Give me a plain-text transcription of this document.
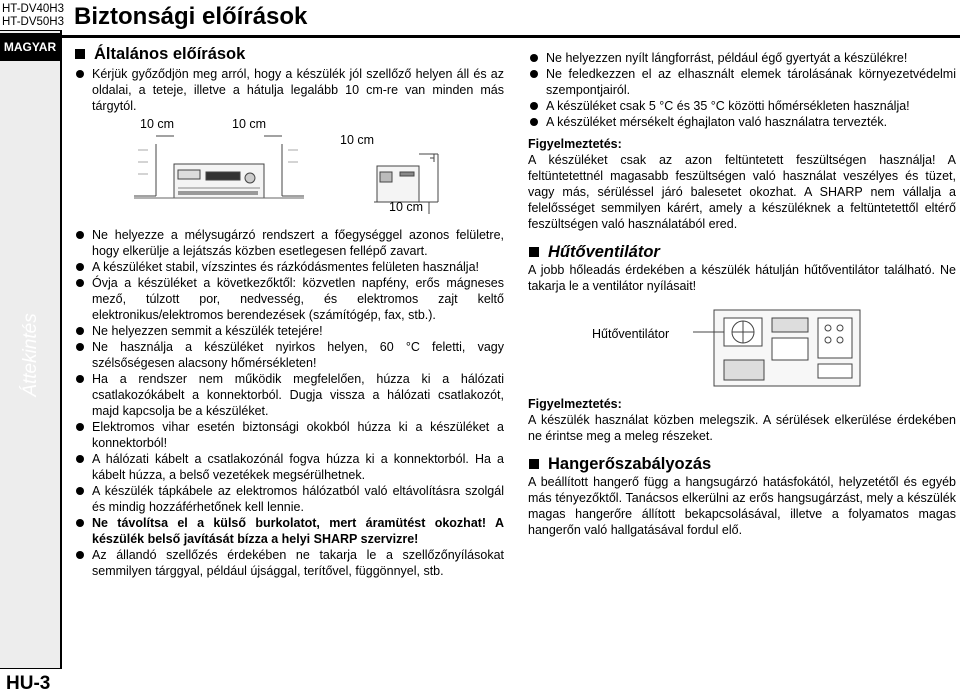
HT-DV40H3
HT-DV50H3
MAGYAR
Áttekintés
HU-3
Biztonsági előírások
Általános előírások
Kérjük győződjön meg arról, hogy a készülék jól szellőző helyen áll és az oldalai, a teteje, illetve a hátulja legalább 10 cm-re van minden más tárgytól.
10 cm	10 cm
10 cm
10 cm
Ne helyezze a mélysugárzó rendszert a főegységgel azonos felületre, hogy elkerülje a lejátszás közben esetlegesen fellépő zavart.
A készüléket stabil, vízszintes és rázkódásmentes felületen használja!
Óvja a készüléket a következőktől: közvetlen napfény, erős mágneses mező, túlzott por, nedvesség, és elektromos zajt keltő elektronikus/elektromos berendezések (számítógép, fax, stb.).
Ne helyezzen semmit a készülék tetejére!
Ne használja a készüléket nyirkos helyen, 60 °C feletti, vagy szélsőségesen alacsony hőmérsékleten!
Ha a rendszer nem működik megfelelően, húzza ki a hálózati csatlakozókábelt a konnektorból. Dugja vissza a hálózati csatlakozót, majd kapcsolja be a készüléket.
Elektromos vihar esetén biztonsági okokból húzza ki a készüléket a konnektorból!
A hálózati kábelt a csatlakozónál fogva húzza ki a konnektorból. Ha a kábelt húzza, a belső vezetékek megsérülhetnek.
A készülék tápkábele az elektromos hálózatból való eltávolításra szolgál és mindig hozzáférhetőnek kell lennie.
Ne távolítsa el a külső burkolatot, mert áramütést okozhat! A készülék belső javítását bízza a helyi SHARP szervizre!
Az állandó szellőzés érdekében ne takarja le a szellőzőnyílásokat semmilyen tárggyal, például újsággal, terítővel, függönnyel, stb.
Ne helyezzen nyílt lángforrást, például égő gyertyát a készülékre!
Ne feledkezzen el az elhasznált elemek tárolásának környezetvédelmi szempontjairól.
A készüléket csak 5 °C és 35 °C közötti hőmérsékleten használja!
A készüléket mérsékelt éghajlaton való használatra tervezték.
Figyelmeztetés:
A készüléket csak az azon feltüntetett feszültségen használja! A feltüntetettnél magasabb feszültségen való használat veszélyes és tüzet, vagy más, sérüléssel járó balesetet okozhat. A SHARP nem vállalja a felelősséget semmilyen kárért, amely a készüléknek a feltüntetettől eltérő feszültségen való használatából ered.
Hűtőventilátor
A jobb hőleadás érdekében a készülék hátulján hűtőventilátor található. Ne takarja le a ventilátor nyílásait!
Hűtőventilátor
Figyelmeztetés:
A készülék használat közben melegszik. A sérülések elkerülése érdekében ne érintse meg a meleg részeket.
Hangerőszabályozás
A beállított hangerő függ a hangsugárzó hatásfokától, helyzetétől és egyéb más tényezőktől. Tanácsos elkerülni az erős hangsugárzást, mely a készülék magas hangerőre állított bekapcsolásával, illetve a folyamatos magas hangerőn való hallgatásával fordul elő.
